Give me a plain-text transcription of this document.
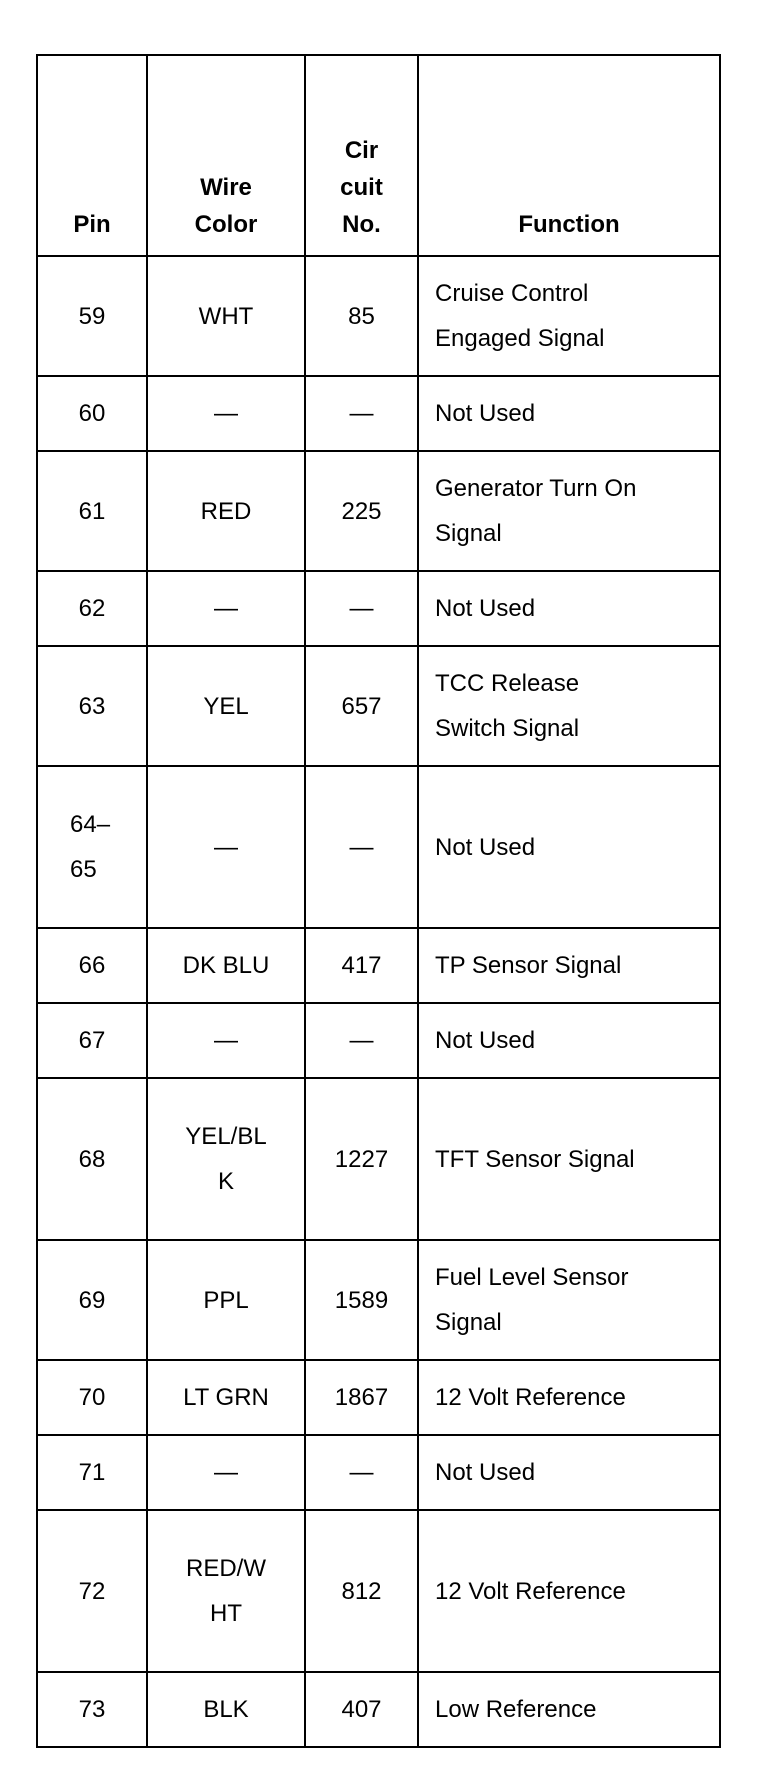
Pin	Wire Color	Cir cuit No.	Function

59	WHT	85	Cruise Control Engaged Signal

60	—	—	Not Used
61	RED	225	Generator Turn On Signal

62	—	—	Not Used
63	YEL	657	TCC Release Switch Signal

64–65	—	—	Not Used
66	DK BLU	417	TP Sensor Signal
67	—	—	Not Used
68	YEL/BLK	1227	TFT Sensor Signal
69	PPL	1589	Fuel Level Sensor Signal

70	LT GRN	1867	12 Volt Reference
71	—	—	Not Used
72	RED/WHT	812	12 Volt Reference
73	BLK	407	Low Reference
